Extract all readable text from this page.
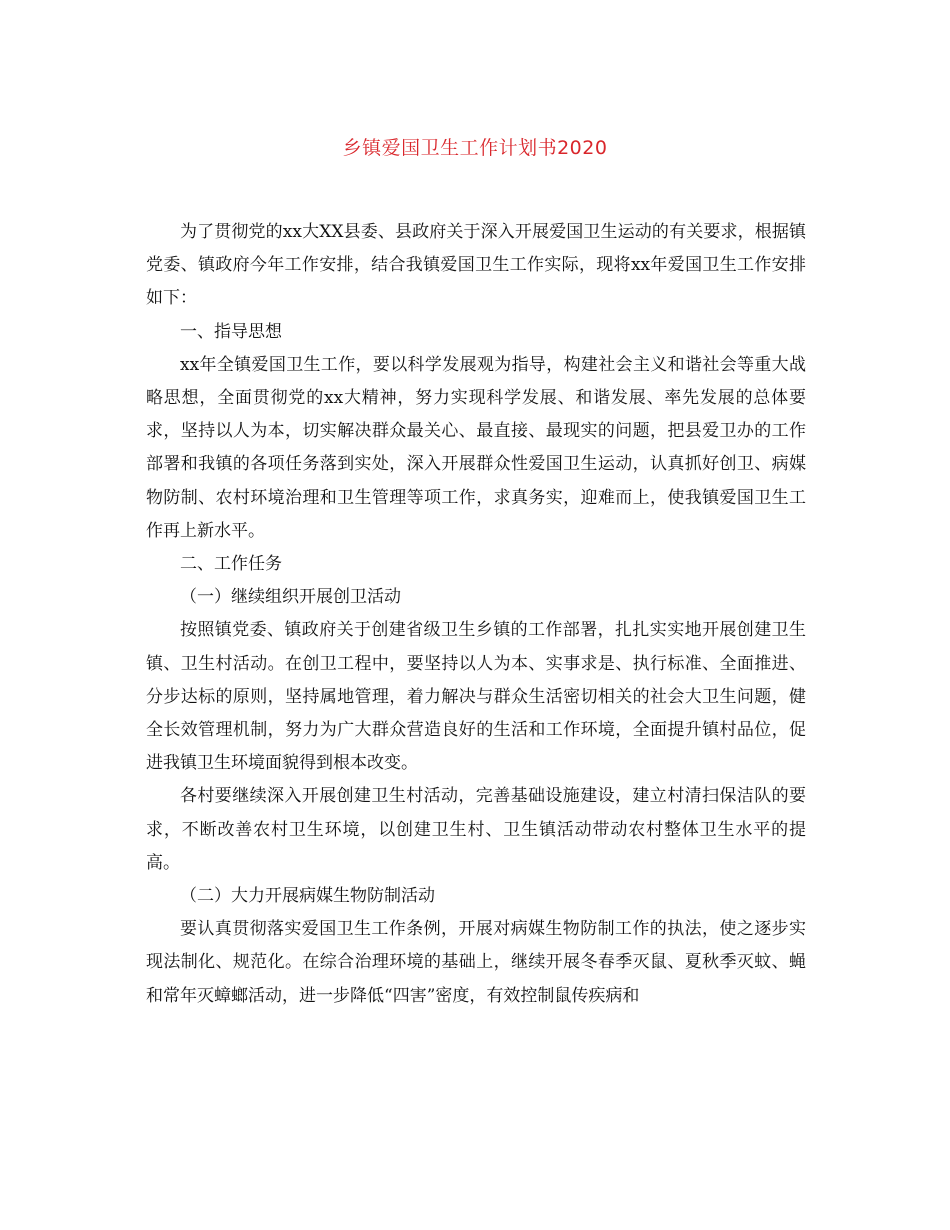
乡镇爱国卫生工作计划书2020

为了贯彻党的xx大XX县委、县政府关于深入开展爱国卫生运动的有关要求，根据镇党委、镇政府今年工作安排，结合我镇爱国卫生工作实际，现将xx年爱国卫生工作安排如下：

一、指导思想

xx年全镇爱国卫生工作，要以科学发展观为指导，构建社会主义和谐社会等重大战略思想，全面贯彻党的xx大精神，努力实现科学发展、和谐发展、率先发展的总体要求，坚持以人为本，切实解决群众最关心、最直接、最现实的问题，把县爱卫办的工作部署和我镇的各项任务落到实处，深入开展群众性爱国卫生运动，认真抓好创卫、病媒物防制、农村环境治理和卫生管理等项工作，求真务实，迎难而上，使我镇爱国卫生工作再上新水平。

二、工作任务

（一）继续组织开展创卫活动

按照镇党委、镇政府关于创建省级卫生乡镇的工作部署，扎扎实实地开展创建卫生镇、卫生村活动。在创卫工程中，要坚持以人为本、实事求是、执行标准、全面推进、分步达标的原则，坚持属地管理，着力解决与群众生活密切相关的社会大卫生问题，健全长效管理机制，努力为广大群众营造良好的生活和工作环境，全面提升镇村品位，促进我镇卫生环境面貌得到根本改变。

各村要继续深入开展创建卫生村活动，完善基础设施建设，建立村清扫保洁队的要求，不断改善农村卫生环境，以创建卫生村、卫生镇活动带动农村整体卫生水平的提高。

（二）大力开展病媒生物防制活动

要认真贯彻落实爱国卫生工作条例，开展对病媒生物防制工作的执法，使之逐步实现法制化、规范化。在综合治理环境的基础上，继续开展冬春季灭鼠、夏秋季灭蚊、蝇和常年灭蟑螂活动，进一步降低“四害”密度，有效控制鼠传疾病和
